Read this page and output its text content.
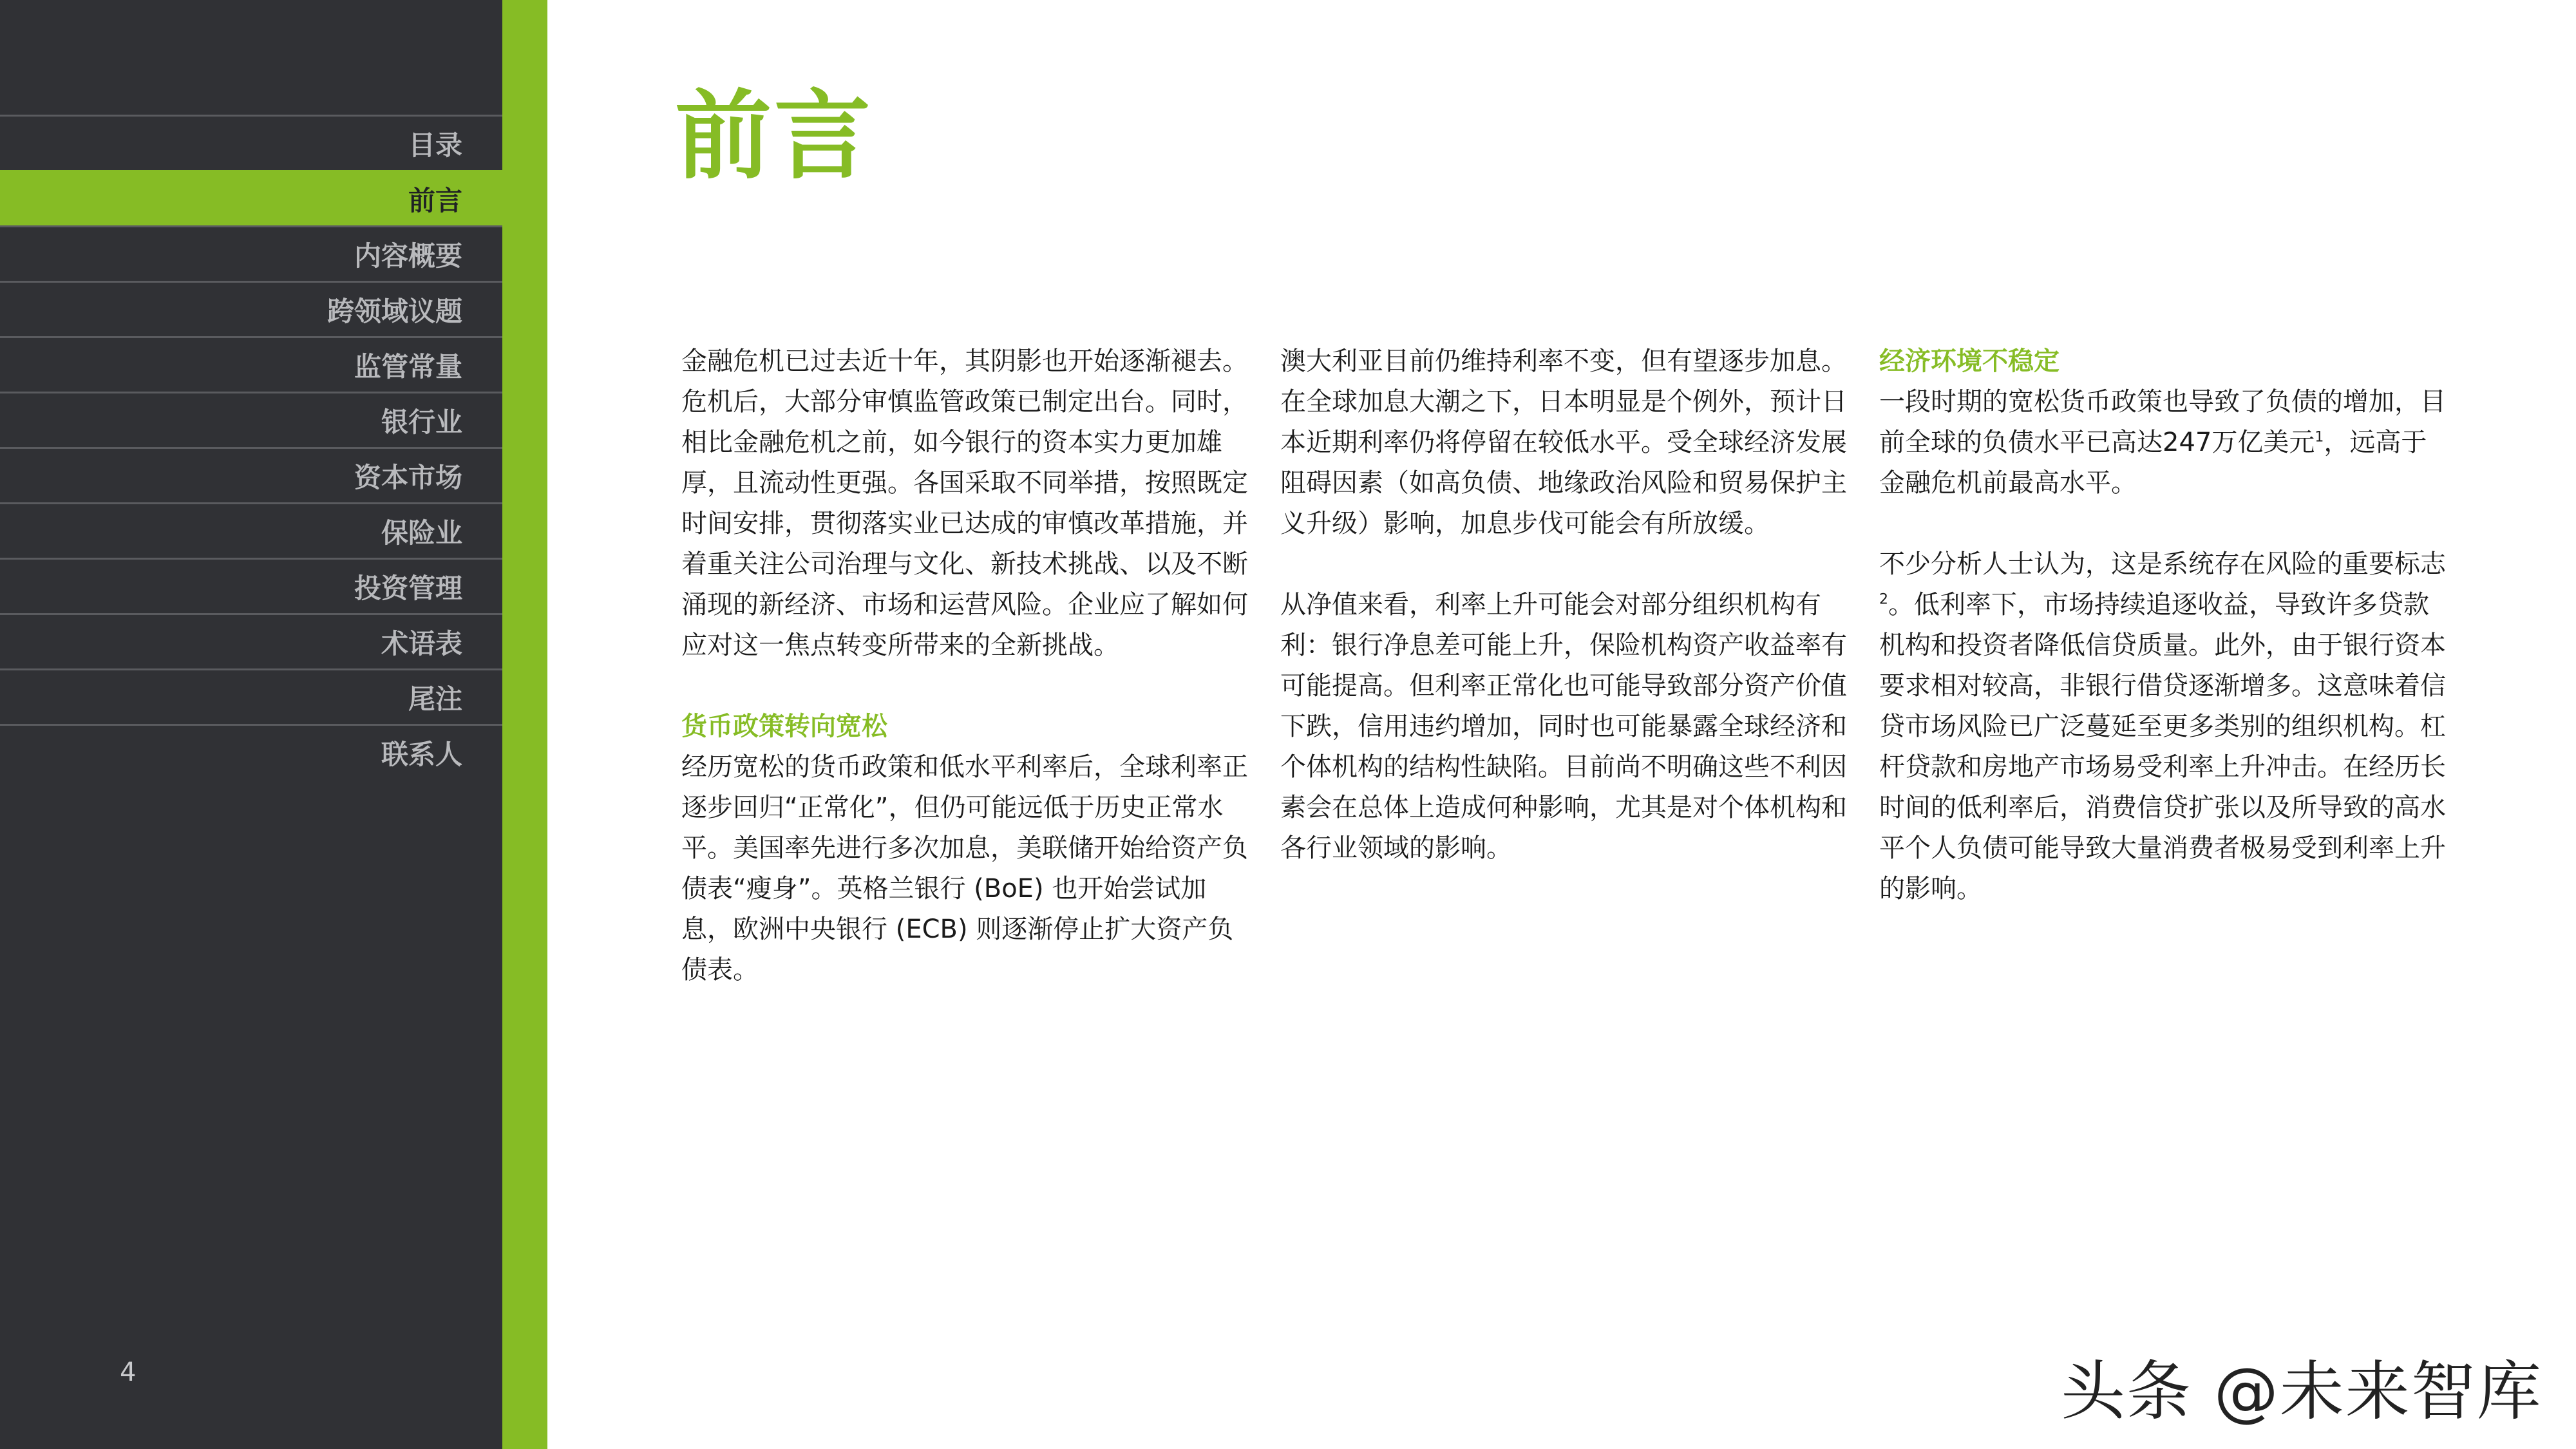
目录
前言
内容概要
跨领域议题
监管常量
银行业
资本市场
保险业
投资管理
术语表
尾注
联系人
4
前言

金融危机已过去近十年，其阴影也开始逐渐褪去。危机后，大部分审慎监管政策已制定出台。同时，相比金融危机之前，如今银行的资本实力更加雄厚，且流动性更强。各国采取不同举措，按照既定时间安排，贯彻落实业已达成的审慎改革措施，并着重关注公司治理与文化、新技术挑战、以及不断涌现的新经济、市场和运营风险。企业应了解如何应对这一焦点转变所带来的全新挑战。

货币政策转向宽松

经历宽松的货币政策和低水平利率后，全球利率正逐步回归“正常化”，但仍可能远低于历史正常水平。美国率先进行多次加息，美联储开始给资产负债表“瘦身”。英格兰银行 (BoE) 也开始尝试加息，欧洲中央银行 (ECB) 则逐渐停止扩大资产负债表。

澳大利亚目前仍维持利率不变，但有望逐步加息。在全球加息大潮之下，日本明显是个例外，预计日本近期利率仍将停留在较低水平。受全球经济发展阻碍因素（如高负债、地缘政治风险和贸易保护主义升级）影响，加息步伐可能会有所放缓。

从净值来看，利率上升可能会对部分组织机构有利：银行净息差可能上升，保险机构资产收益率有可能提高。但利率正常化也可能导致部分资产价值下跌，信用违约增加，同时也可能暴露全球经济和个体机构的结构性缺陷。目前尚不明确这些不利因素会在总体上造成何种影响，尤其是对个体机构和各行业领域的影响。

经济环境不稳定

一段时期的宽松货币政策也导致了负债的增加，目前全球的负债水平已高达247万亿美元$^1$，远高于金融危机前最高水平。

不少分析人士认为，这是系统存在风险的重要标志$^2$。低利率下，市场持续追逐收益，导致许多贷款机构和投资者降低信贷质量。此外，由于银行资本要求相对较高，非银行借贷逐渐增多。这意味着信贷市场风险已广泛蔓延至更多类别的组织机构。杠杆贷款和房地产市场易受利率上升冲击。在经历长时间的低利率后，消费信贷扩张以及所导致的高水平个人负债可能导致大量消费者极易受到利率上升的影响。

头条 @未来智库
